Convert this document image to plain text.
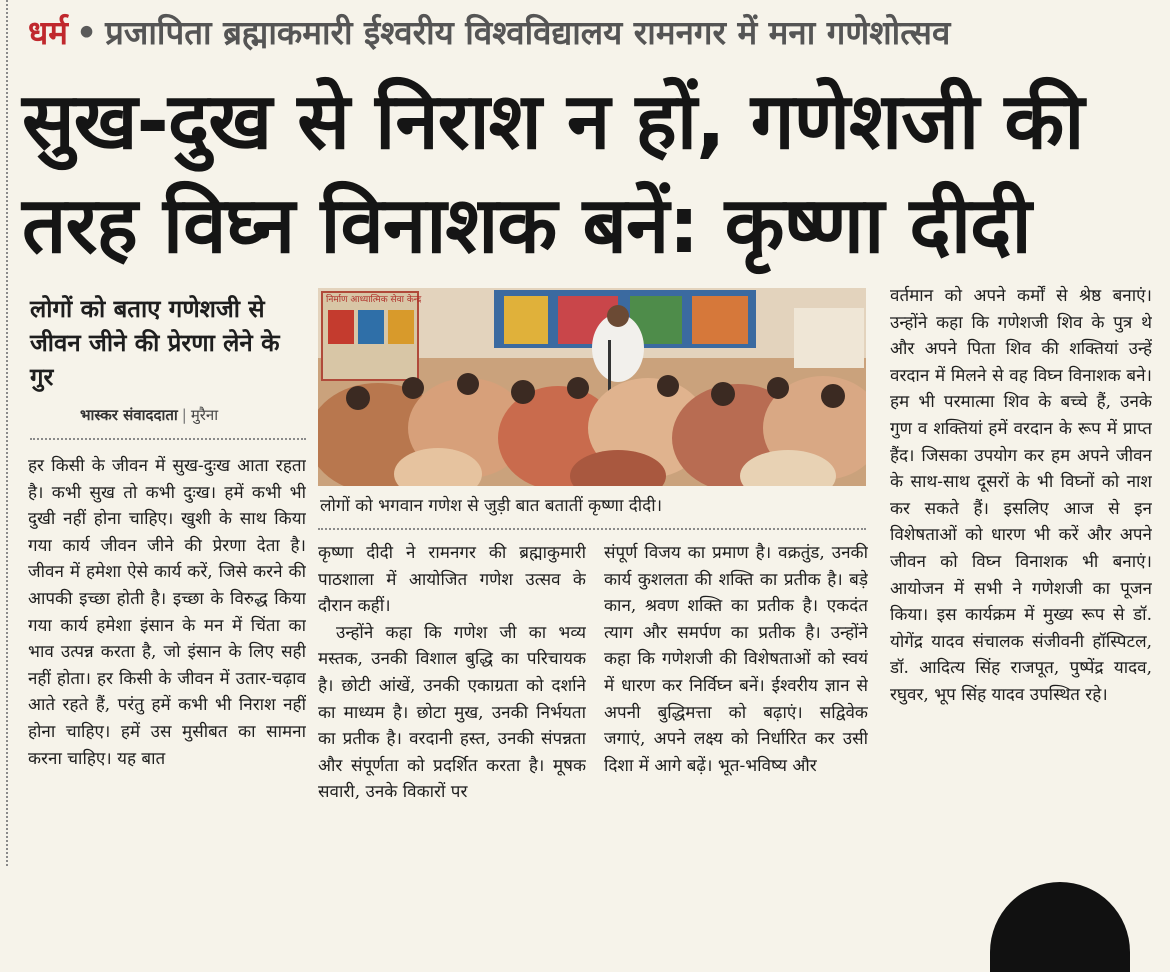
धर्म • प्रजापिता ब्रह्माकमारी ईश्वरीय विश्वविद्यालय रामनगर में मना गणेशोत्सव
सुख-दुख से निराश न हों, गणेशजी की
तरह विघ्न विनाशक बनें: कृष्णा दीदी
लोगों को बताए गणेशजी से जीवन जीने की प्रेरणा लेने के गुर
भास्कर संवाददाता | मुरैना

हर किसी के जीवन में सुख-दुःख आता रहता है। कभी सुख तो कभी दुःख। हमें कभी भी दुखी नहीं होना चाहिए। खुशी के साथ किया गया कार्य जीवन जीने की प्रेरणा देता है। जीवन में हमेशा ऐसे कार्य करें, जिसे करने की आपकी इच्छा होती है। इच्छा के विरुद्ध किया गया कार्य हमेशा इंसान के मन में चिंता का भाव उत्पन्न करता है, जो इंसान के लिए सही नहीं होता। हर किसी के जीवन में उतार-चढ़ाव आते रहते हैं, परंतु हमें कभी भी निराश नहीं होना चाहिए। हमें उस मुसीबत का सामना करना चाहिए। यह बात

निर्माण आध्यात्मिक सेवा केन्द्र
लोगों को भगवान गणेश से जुड़ी बात बतातीं कृष्णा दीदी।

कृष्णा दीदी ने रामनगर की ब्रह्माकुमारी पाठशाला में आयोजित गणेश उत्सव के दौरान कहीं।

उन्होंने कहा कि गणेश जी का भव्य मस्तक, उनकी विशाल बुद्धि का परिचायक है। छोटी आंखें, उनकी एकाग्रता को दर्शाने का माध्यम है। छोटा मुख, उनकी निर्भयता का प्रतीक है। वरदानी हस्त, उनकी संपन्नता और संपूर्णता को प्रदर्शित करता है। मूषक सवारी, उनके विकारों पर

संपूर्ण विजय का प्रमाण है। वक्रतुंड, उनकी कार्य कुशलता की शक्ति का प्रतीक है। बड़े कान, श्रवण शक्ति का प्रतीक है। एकदंत त्याग और समर्पण का प्रतीक है। उन्होंने कहा कि गणेशजी की विशेषताओं को स्वयं में धारण कर निर्विघ्न बनें। ईश्वरीय ज्ञान से अपनी बुद्धिमत्ता को बढ़ाएं। सद्विवेक जगाएं, अपने लक्ष्य को निर्धारित कर उसी दिशा में आगे बढ़ें। भूत-भविष्य और

वर्तमान को अपने कर्मों से श्रेष्ठ बनाएं। उन्होंने कहा कि गणेशजी शिव के पुत्र थे और अपने पिता शिव की शक्तियां उन्हें वरदान में मिलने से वह विघ्न विनाशक बने। हम भी परमात्मा शिव के बच्चे हैं, उनके गुण व शक्तियां हमें वरदान के रूप में प्राप्त हैंद। जिसका उपयोग कर हम अपने जीवन के साथ-साथ दूसरों के भी विघ्नों को नाश कर सकते हैं। इसलिए आज से इन विशेषताओं को धारण भी करें और अपने जीवन को विघ्न विनाशक भी बनाएं। आयोजन में सभी ने गणेशजी का पूजन किया। इस कार्यक्रम में मुख्य रूप से डॉ. योगेंद्र यादव संचालक संजीवनी हॉस्पिटल, डॉ. आदित्य सिंह राजपूत, पुष्पेंद्र यादव, रघुवर, भूप सिंह यादव उपस्थित रहे।
